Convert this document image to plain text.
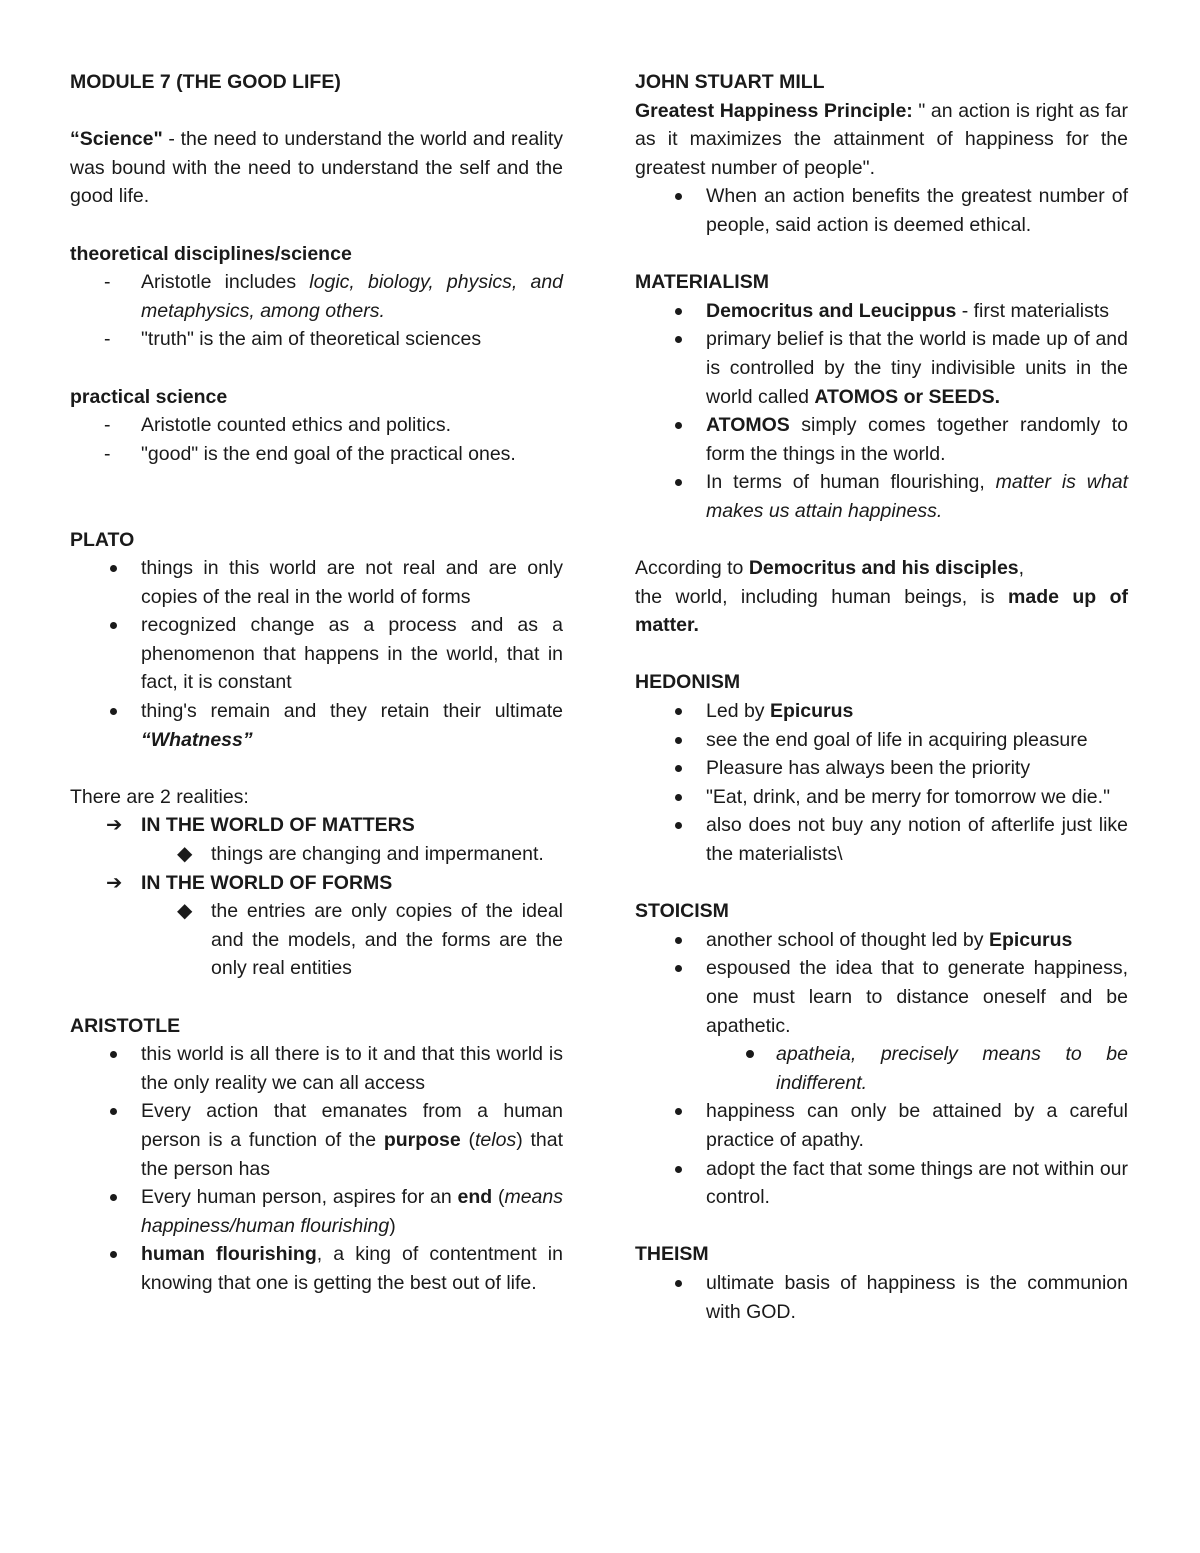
MODULE 7 (THE GOOD LIFE)

“Science" - the need to understand the world and reality was bound with the need to understand the self and the good life.

theoretical disciplines/science

- Aristotle includes logic, biology, physics, and metaphysics, among others.
- "truth" is the aim of theoretical sciences

practical science

- Aristotle counted ethics and politics.
- "good" is the end goal of the practical ones.

PLATO

things in this world are not real and are only copies of the real in the world of forms
recognized change as a process and as a phenomenon that happens in the world, that in fact, it is constant
thing's remain and they retain their ultimate “Whatness”

There are 2 realities:

➔ IN THE WORLD OF MATTERS
◆ things are changing and impermanent.
➔ IN THE WORLD OF FORMS
◆ the entries are only copies of the ideal and the models, and the forms are the only real entities

ARISTOTLE

this world is all there is to it and that this world is the only reality we can all access
Every action that emanates from a human person is a function of the purpose (telos) that the person has
Every human person, aspires for an end (means happiness/human flourishing)
human flourishing, a king of contentment in knowing that one is getting the best out of life.

JOHN STUART MILL

Greatest Happiness Principle: " an action is right as far as it maximizes the attainment of happiness for the greatest number of people".

When an action benefits the greatest number of people, said action is deemed ethical.

MATERIALISM

Democritus and Leucippus - first materialists
primary belief is that the world is made up of and is controlled by the tiny indivisible units in the world called ATOMOS or SEEDS.
ATOMOS simply comes together randomly to form the things in the world.
In terms of human flourishing, matter is what makes us attain happiness.

According to Democritus and his disciples,

the world, including human beings, is made up of matter.

HEDONISM

Led by Epicurus
see the end goal of life in acquiring pleasure
Pleasure has always been the priority
"Eat, drink, and be merry for tomorrow we die."
also does not buy any notion of afterlife just like the materialists\

STOICISM

another school of thought led by Epicurus
espoused the idea that to generate happiness, one must learn to distance oneself and be apathetic.
apatheia, precisely means to be indifferent.
happiness can only be attained by a careful practice of apathy.
adopt the fact that some things are not within our control.

THEISM

ultimate basis of happiness is the communion with GOD.
